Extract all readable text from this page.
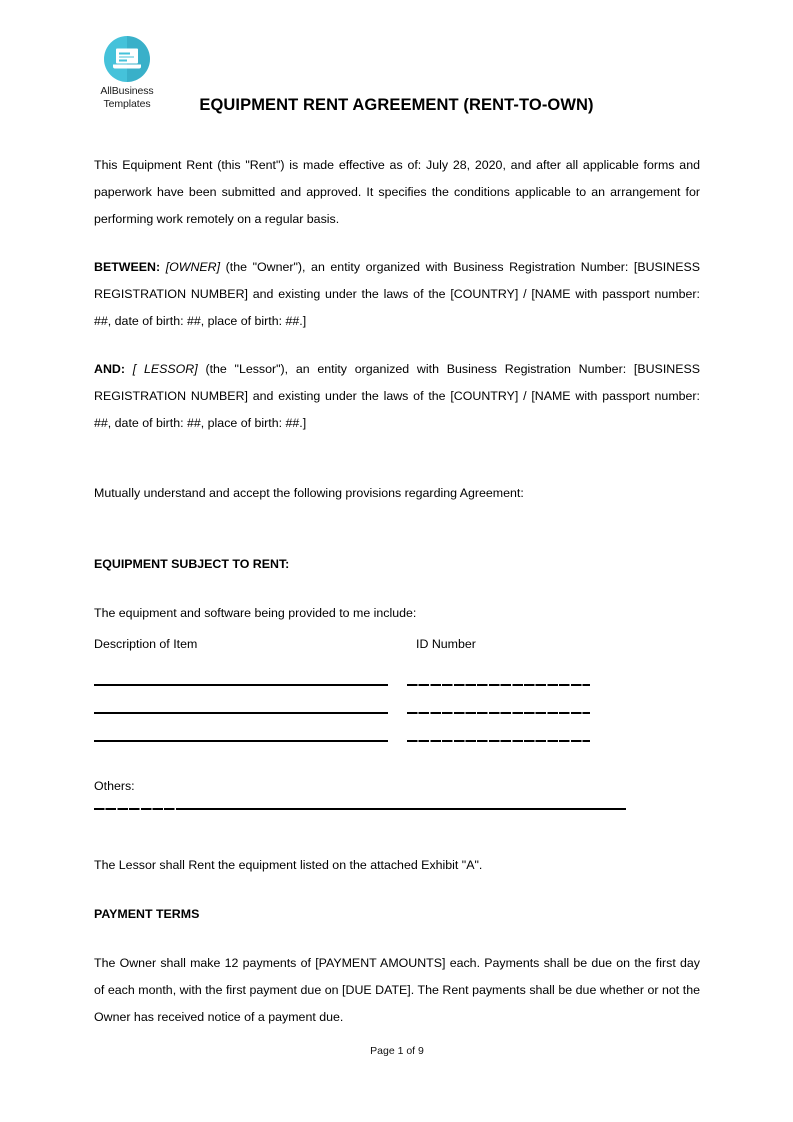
AllBusiness
Templates	EQUIPMENT RENT AGREEMENT (RENT-TO-OWN)

This Equipment Rent (this "Rent") is made effective as of: July 28, 2020, and after all applicable forms and paperwork have been submitted and approved. It specifies the conditions applicable to an arrangement for performing work remotely on a regular basis.

BETWEEN: [OWNER] (the "Owner"), an entity organized with Business Registration Number: [BUSINESS REGISTRATION NUMBER] and existing under the laws of the [COUNTRY] / [NAME with passport number: ##, date of birth: ##, place of birth: ##.]

AND: [ LESSOR] (the "Lessor"), an entity organized with Business Registration Number: [BUSINESS REGISTRATION NUMBER] and existing under the laws of the [COUNTRY] / [NAME with passport number: ##, date of birth: ##, place of birth: ##.]

Mutually understand and accept the following provisions regarding Agreement:

EQUIPMENT SUBJECT TO RENT:

The equipment and software being provided to me include:

Description of Item	ID Number

Others:

The Lessor shall Rent the equipment listed on the attached Exhibit "A".

PAYMENT TERMS

The Owner shall make 12 payments of [PAYMENT AMOUNTS] each. Payments shall be due on the first day of each month, with the first payment due on [DUE DATE]. The Rent payments shall be due whether or not the Owner has received notice of a payment due.

Page 1 of 9
